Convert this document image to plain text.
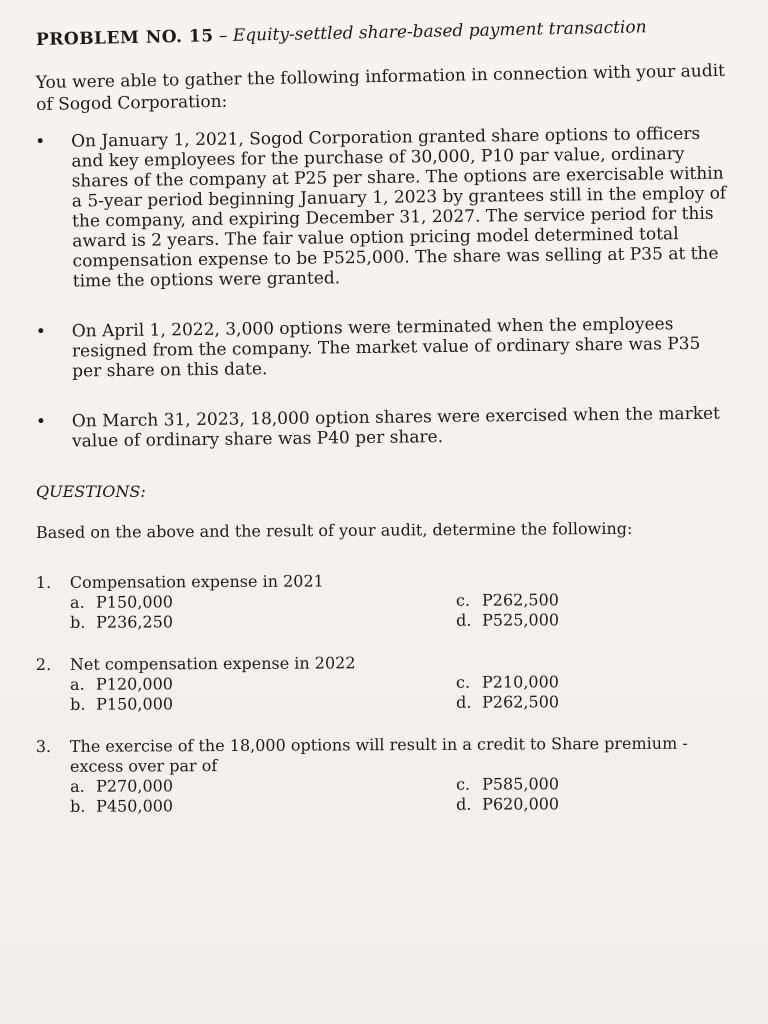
PROBLEM NO. 15 – Equity-settled share-based payment transaction

You were able to gather the following information in connection with your audit of Sogod Corporation:

• On January 1, 2021, Sogod Corporation granted share options to officers and key employees for the purchase of 30,000, P10 par value, ordinary shares of the company at P25 per share. The options are exercisable within a 5-year period beginning January 1, 2023 by grantees still in the employ of the company, and expiring December 31, 2027. The service period for this award is 2 years. The fair value option pricing model determined total compensation expense to be P525,000. The share was selling at P35 at the time the options were granted.
• On April 1, 2022, 3,000 options were terminated when the employees resigned from the company. The market value of ordinary share was P35 per share on this date.
• On March 31, 2023, 18,000 option shares were exercised when the market value of ordinary share was P40 per share.
QUESTIONS:

Based on the above and the result of your audit, determine the following:

1.	Compensation expense in 2021
a. P150,000	c. P262,500
b. P236,250	d. P525,000
2.	Net compensation expense in 2022
a. P120,000	c. P210,000
b. P150,000	d. P262,500
3.	The exercise of the 18,000 options will result in a credit to Share premium - excess over par of
a. P270,000	c. P585,000
b. P450,000	d. P620,000
